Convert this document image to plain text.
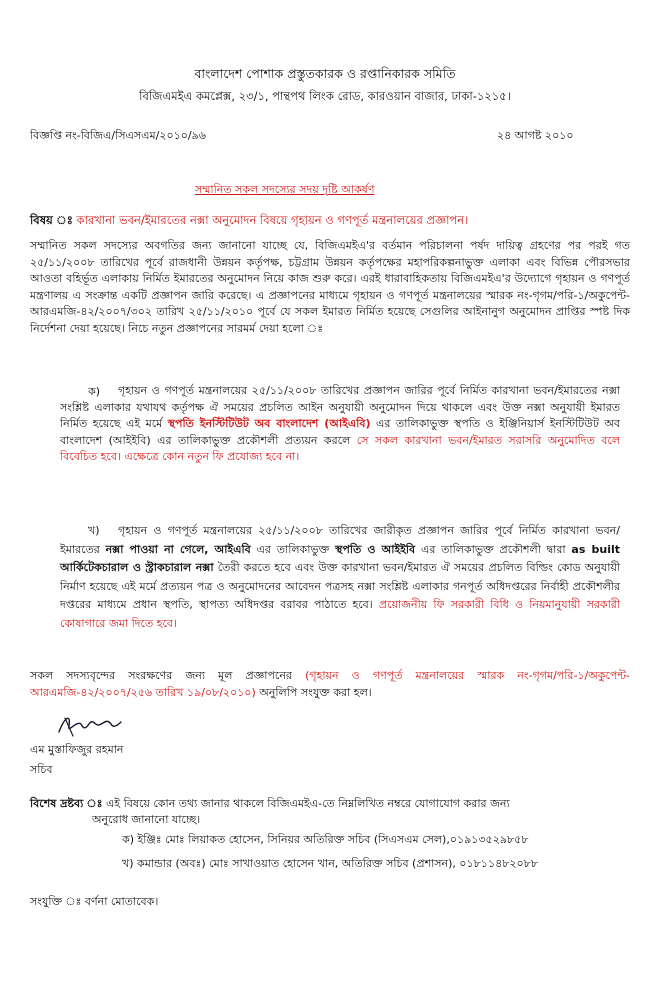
বাংলাদেশ পোশাক প্রস্তুতকারক ও রপ্তানিকারক সমিতি
বিজিএমইএ কমপ্লেক্স, ২৩/১, পান্থপথ লিংক রোড, কারওয়ান বাজার, ঢাকা-১২১৫।
বিজ্ঞপ্তি নং-বিজিএ/সিএসএম/২০১০/৯৬	২৪ আগষ্ট ২০১০
সম্মানিত সকল সদস্যের সদয় দৃষ্টি আকর্ষণ
বিষয় ঃ কারখানা ভবন/ইমারতের নক্সা অনুমোদন বিষয়ে গৃহায়ন ও গণপূর্ত মন্ত্রনালয়ের প্রজ্ঞাপন।
সম্মানিত সকল সদস্যের অবগতির জন্য জানানো যাচ্ছে যে, বিজিএমইএ'র বর্তমান পরিচালনা পর্ষদ দায়িত্ব গ্রহণের পর পরই গত ২৫/১১/২০০৮ তারিখের পূর্বে রাজধানী উন্নয়ন কর্তৃপক্ষ, চট্টগ্রাম উন্নয়ন কর্তৃপক্ষের মহাপরিকল্পনাভুক্ত এলাকা এবং বিভিন্ন পৌরসভার আওতা বহির্ভূত এলাকায় নির্মিত ইমারতের অনুমোদন নিয়ে কাজ শুরু করে। এরই ধারাবাহিকতায় বিজিএমইএ'র উদ্যোগে গৃহায়ন ও গণপূর্ত মন্ত্রণালয় এ সংক্রান্ত একটি প্রজ্ঞাপন জারি করেছে। এ প্রজ্ঞাপনের মাধ্যমে গৃহায়ন ও গণপূর্ত মন্ত্রনালয়ের স্মারক নং-গৃগম/পরি-১/অকুপেন্ট-আরএমজি-৪২/২০০৭/৩০২ তারিখ ২৫/১১/২০১০ পূর্বে যে সকল ইমারত নির্মিত হয়েছে সেগুলির আইনানুগ অনুমোদন প্রাপ্তির স্পষ্ট দিক নির্দেশনা দেয়া হয়েছে। নিচে নতুন প্রজ্ঞাপনের সারমর্ম দেয়া হলো ঃ
ক)	গৃহায়ন ও গণপূর্ত মন্ত্রনালয়ের ২৫/১১/২০০৮ তারিখের প্রজ্ঞাপন জারির পূর্বে নির্মিত কারখানা ভবন/ইমারতের নক্সা সংশ্লিষ্ট এলাকার যথাযথ কর্তৃপক্ষ ঐ সময়ের প্রচলিত আইন অনুযায়ী অনুমোদন দিয়ে থাকলে এবং উক্ত নক্সা অনুযায়ী ইমারত নির্মিত হয়েছে এই মর্মে স্থপতি ইনস্টিটিউট অব বাংলাদেশ (আইএবি) এর তালিকাভুক্ত স্থপতি ও ইঞ্জিনিয়ার্স ইনস্টিটিউট অব বাংলাদেশ (আইইবি) এর তালিকাভুক্ত প্রকৌশলী প্রত্যয়ন করলে সে সকল কারখানা ভবন/ইমারত সরাসরি অনুমোদিত বলে বিবেচিত হবে। এক্ষেত্রে কোন নতুন ফি প্রযোজ্য হবে না।
খ)	গৃহায়ন ও গণপূর্ত মন্ত্রনালয়ের ২৫/১১/২০০৮ তারিখের জারীকৃত প্রজ্ঞাপন জারির পূর্বে নির্মিত কারখানা ভবন/ইমারতের নক্সা পাওয়া না গেলে, আইএবি এর তালিকাভুক্ত স্থপতি ও আইইবি এর তালিকাভুক্ত প্রকৌশলী দ্বারা as built আর্কিটেকচারাল ও স্ট্রাকচারাল নক্সা তৈরী করতে হবে এবং উক্ত কারখানা ভবন/ইমারত ঐ সময়ের প্রচলিত বিল্ডিং কোড অনুযায়ী নির্মাণ হয়েছে এই মর্মে প্রত্যয়ন পত্র ও অনুমোদনের আবেদন পত্রসহ নক্সা সংশ্লিষ্ট এলাকার গনপূর্ত অধিদপ্তরের নির্বাহী প্রকৌশলীর দপ্তরের মাধ্যমে প্রধান স্থপতি, স্থাপত্য অধিদপ্তর বরাবর পাঠাতে হবে। প্রয়োজনীয় ফি সরকারী বিধি ও নিয়মানুযায়ী সরকারী কোষাগারে জমা দিতে হবে।
সকল সদস্যবৃন্দের সংরক্ষণের জন্য মূল প্রজ্ঞাপনের (গৃহায়ন ও গণপূর্ত মন্ত্রনালয়ের স্মারক নং-গৃগম/পরি-১/অকুপেন্ট-আরএমজি-৪২/২০০৭/২৫৬ তারিখ ১৯/০৮/২০১০) অনুলিপি সংযুক্ত করা হল।
এম মুস্তাফিজুর রহমান
সচিব
বিশেষ দ্রষ্টব্য ঃ এই বিষয়ে কোন তথ্য জানার থাকলে বিজিএমইএ-তে নিম্নলিখিত নম্বরে যোগাযোগ করার জন্য
অনুরোধ জানানো যাচ্ছে।
ক) ইঞ্জিঃ মোঃ লিয়াকত হোসেন, সিনিয়র অতিরিক্ত সচিব (সিএসএম সেল),০১৯১৩৫২৯৮৫৮
খ) কমান্ডার (অবঃ) মোঃ সাখাওয়াত হোসেন খান, অতিরিক্ত সচিব (প্রশাসন), ০১৮১১৪৮২০৮৮
সংযুক্তি ঃ বর্ণনা মোতাবেক।
